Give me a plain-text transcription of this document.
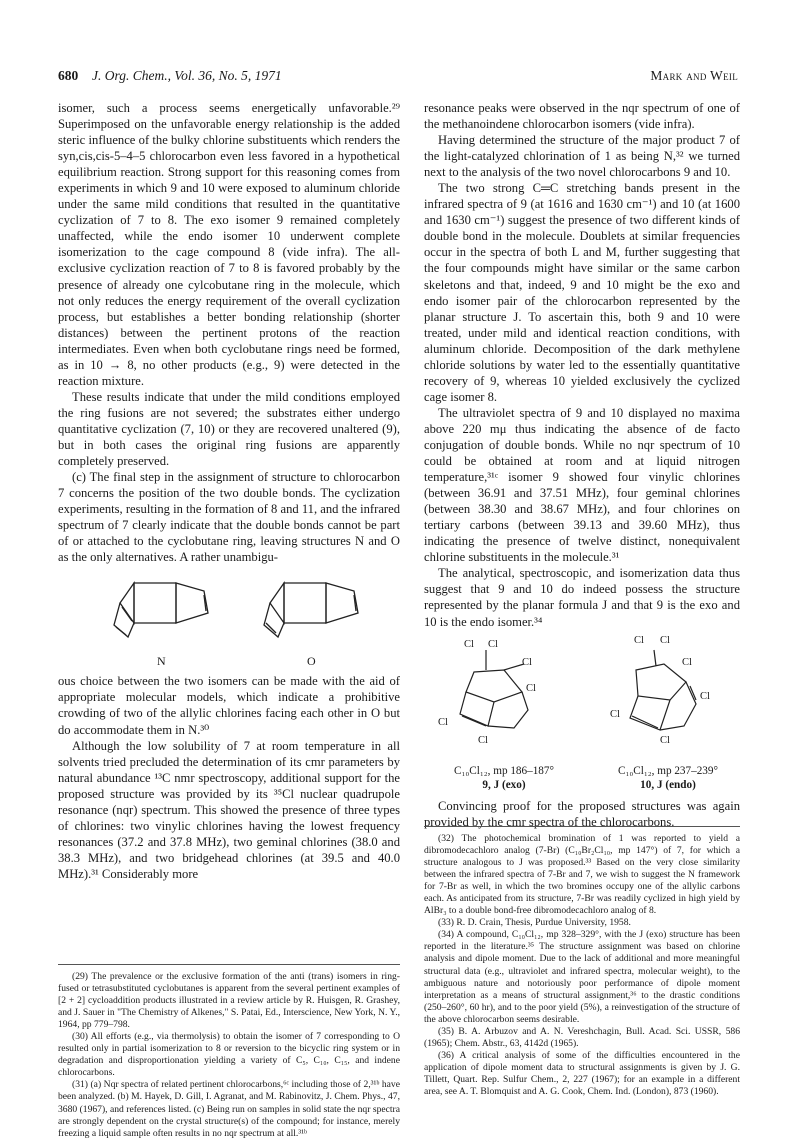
680 J. Org. Chem., Vol. 36, No. 5, 1971	Mark and Weil

isomer, such a process seems energetically unfavorable.²⁹ Superimposed on the unfavorable energy relationship is the added steric influence of the bulky chlorine substituents which renders the syn,cis,cis-5–4–5 chlorocarbon even less favored in a hypothetical equilibrium reaction. Strong support for this reasoning comes from experiments in which 9 and 10 were exposed to aluminum chloride under the same mild conditions that resulted in the quantitative cyclization of 7 to 8. The exo isomer 9 remained completely unaffected, while the endo isomer 10 underwent complete isomerization to the cage compound 8 (vide infra). The all-exclusive cyclization reaction of 7 to 8 is favored probably by the presence of already one cylcobutane ring in the molecule, which not only reduces the energy requirement of the overall cyclization process, but establishes a better bonding relationship (shorter distances) between the pertinent protons of the reaction intermediates. Even when both cyclobutane rings need be formed, as in 10 → 8, no other products (e.g., 9) were detected in the reaction mixture.

These results indicate that under the mild conditions employed the ring fusions are not severed; the substrates either undergo quantitative cyclization (7, 10) or they are recovered unaltered (9), but in both cases the original ring fusions are apparently completely preserved.

(c) The final step in the assignment of structure to chlorocarbon 7 concerns the position of the two double bonds. The cyclization experiments, resulting in the formation of 8 and 11, and the infrared spectrum of 7 clearly indicate that the double bonds cannot be part of or attached to the cyclobutane ring, leaving structures N and O as the only alternatives. A rather unambigu-

N	O

ous choice between the two isomers can be made with the aid of appropriate molecular models, which indicate a prohibitive crowding of two of the allylic chlorines facing each other in O but do accommodate them in N.³⁰

Although the low solubility of 7 at room temperature in all solvents tried precluded the determination of its cmr parameters by natural abundance ¹³C nmr spectroscopy, additional support for the proposed structure was provided by its ³⁵Cl nuclear quadrupole resonance (nqr) spectrum. This showed the presence of three types of chlorines: two vinylic chlorines having the lowest frequency resonances (37.2 and 37.8 MHz), two geminal chlorines (38.0 and 38.3 MHz), and two bridgehead chlorines (at 39.5 and 40.0 MHz).³¹ Considerably more

resonance peaks were observed in the nqr spectrum of one of the methanoindene chlorocarbon isomers (vide infra).

Having determined the structure of the major product 7 of the light-catalyzed chlorination of 1 as being N,³² we turned next to the analysis of the two novel chlorocarbons 9 and 10.

The two strong C═C stretching bands present in the infrared spectra of 9 (at 1616 and 1630 cm⁻¹) and 10 (at 1600 and 1630 cm⁻¹) suggest the presence of two different kinds of double bond in the molecule. Doublets at similar frequencies occur in the spectra of both L and M, further suggesting that the four compounds might have similar or the same carbon skeletons and that, indeed, 9 and 10 might be the exo and endo isomer pair of the chlorocarbon represented by the planar structure J. To ascertain this, both 9 and 10 were treated, under mild and identical reaction conditions, with aluminum chloride. Decomposition of the dark methylene chloride solutions by water led to the essentially quantitative recovery of 9, whereas 10 yielded exclusively the cyclized cage isomer 8.

The ultraviolet spectra of 9 and 10 displayed no maxima above 220 mμ thus indicating the absence of de facto conjugation of double bonds. While no nqr spectrum of 10 could be obtained at room and at liquid nitrogen temperature,³¹ᶜ isomer 9 showed four vinylic chlorines (between 36.91 and 37.51 MHz), four geminal chlorines (between 38.30 and 38.67 MHz), and four chlorines on tertiary carbons (between 39.13 and 39.60 MHz), thus indicating the presence of twelve distinct, nonequivalent chlorine substituents in the molecule.³¹

The analytical, spectroscopic, and isomerization data thus suggest that 9 and 10 do indeed possess the structure represented by the planar formula J and that 9 is the exo and 10 is the endo isomer.³⁴

Cl Cl
Cl
Cl
Cl
Cl
Cl Cl
Cl
Cl
Cl
Cl
C₁₀Cl₁₂, mp 186–187°
9, J (exo)
C₁₀Cl₁₂, mp 237–239°
10, J (endo)

Convincing proof for the proposed structures was again provided by the cmr spectra of the chlorocarbons.

(29) The prevalence or the exclusive formation of the anti (trans) isomers in ring-fused or tetrasubstituted cyclobutanes is apparent from the several pertinent examples of [2 + 2] cycloaddition products illustrated in a review article by R. Huisgen, R. Grashey, and J. Sauer in "The Chemistry of Alkenes," S. Patai, Ed., Interscience, New York, N. Y., 1964, pp 779–798.

(30) All efforts (e.g., via thermolysis) to obtain the isomer of 7 corresponding to O resulted only in partial isomerization to 8 or reversion to the bicyclic ring system or in degradation and disproportionation yielding a variety of C₅, C₁₀, C₁₅, and indene chlorocarbons.

(31) (a) Nqr spectra of related pertinent chlorocarbons,⁶ᶜ including those of 2,³¹ᵇ have been analyzed. (b) M. Hayek, D. Gill, I. Agranat, and M. Rabinovitz, J. Chem. Phys., 47, 3680 (1967), and references listed. (c) Being run on samples in solid state the nqr spectra are strongly dependent on the crystal structure(s) of the compound; for instance, merely freezing a liquid sample often results in no nqr spectrum at all.³¹ᵇ

(32) The photochemical bromination of 1 was reported to yield a dibromodecachloro analog (7-Br) (C₁₀Br₂Cl₁₀, mp 147°) of 7, for which a structure analogous to J was proposed.³³ Based on the very close similarity between the infrared spectra of 7-Br and 7, we wish to suggest the N framework for 7-Br as well, in which the two bromines occupy one of the allylic carbons each. As anticipated from its structure, 7-Br was readily cyclized in high yield by AlBr₃ to a double bond-free dibromodecachloro analog of 8.

(33) R. D. Crain, Thesis, Purdue University, 1958.

(34) A compound, C₁₀Cl₁₂, mp 328–329°, with the J (exo) structure has been reported in the literature.³⁵ The structure assignment was based on chlorine analysis and dipole moment. Due to the lack of additional and more meaningful structural data (e.g., ultraviolet and infrared spectra, molecular weight), to the ambiguous nature and notoriously poor performance of dipole moment interpretation as a means of structural assignment,³⁶ to the drastic conditions (250–260°, 60 hr), and to the poor yield (5%), a reinvestigation of the structure of the above chlorocarbon seems desirable.

(35) B. A. Arbuzov and A. N. Vereshchagin, Bull. Acad. Sci. USSR, 586 (1965); Chem. Abstr., 63, 4142d (1965).

(36) A critical analysis of some of the difficulties encountered in the application of dipole moment data to structural assignments is given by J. G. Tillett, Quart. Rep. Sulfur Chem., 2, 227 (1967); for an example in a different area, see A. T. Blomquist and A. G. Cook, Chem. Ind. (London), 873 (1960).
